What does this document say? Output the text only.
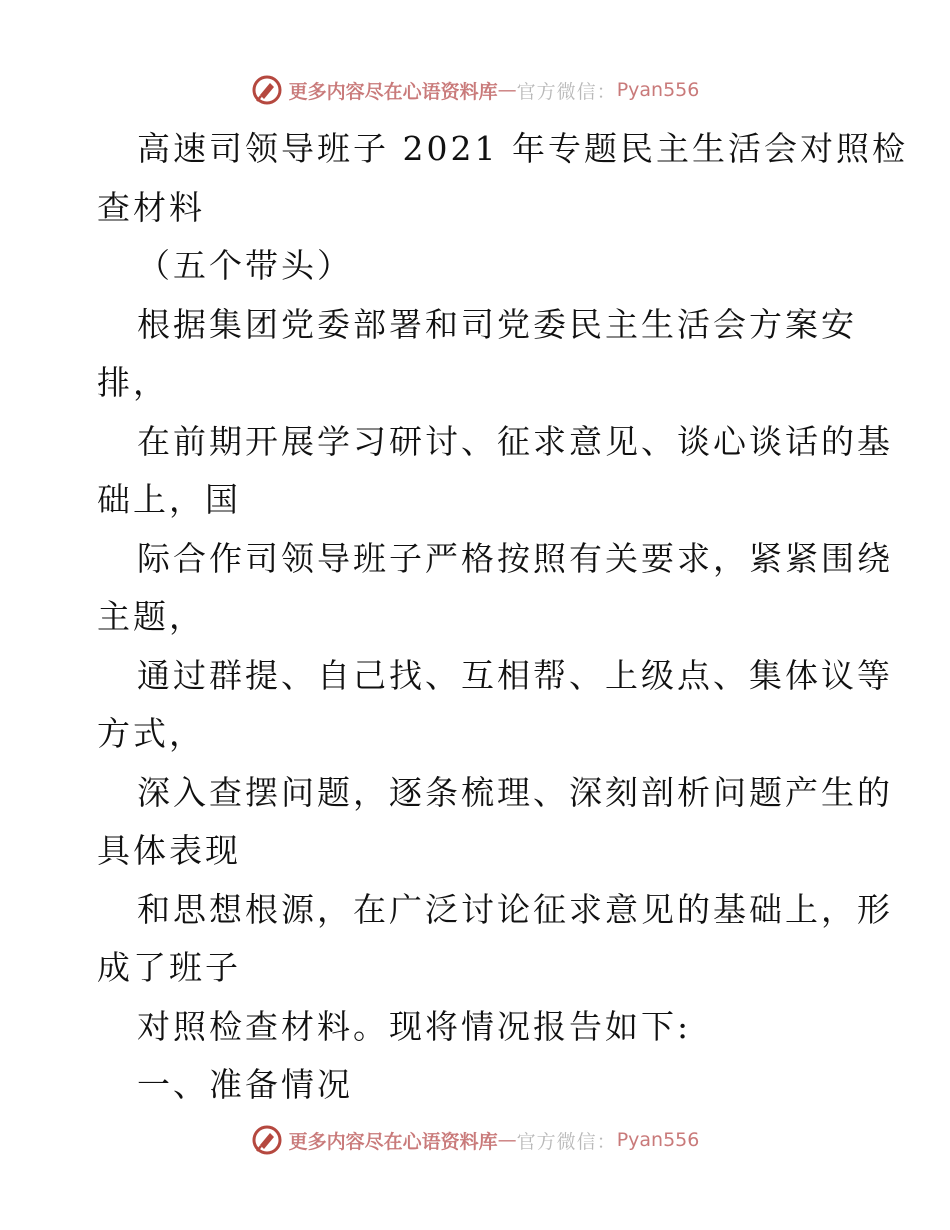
更多内容尽在心语资料库 — 官方微信： Pyan556
高速司领导班子 2021 年专题民主生活会对照检
查材料
（五个带头）
根据集团党委部署和司党委民主生活会方案安
排，
在前期开展学习研讨、征求意见、谈心谈话的基
础上，国
际合作司领导班子严格按照有关要求，紧紧围绕
主题，
通过群提、自己找、互相帮、上级点、集体议等
方式，
深入查摆问题，逐条梳理、深刻剖析问题产生的
具体表现
和思想根源，在广泛讨论征求意见的基础上，形
成了班子
对照检查材料。现将情况报告如下:
一、准备情况
更多内容尽在心语资料库 — 官方微信： Pyan556
